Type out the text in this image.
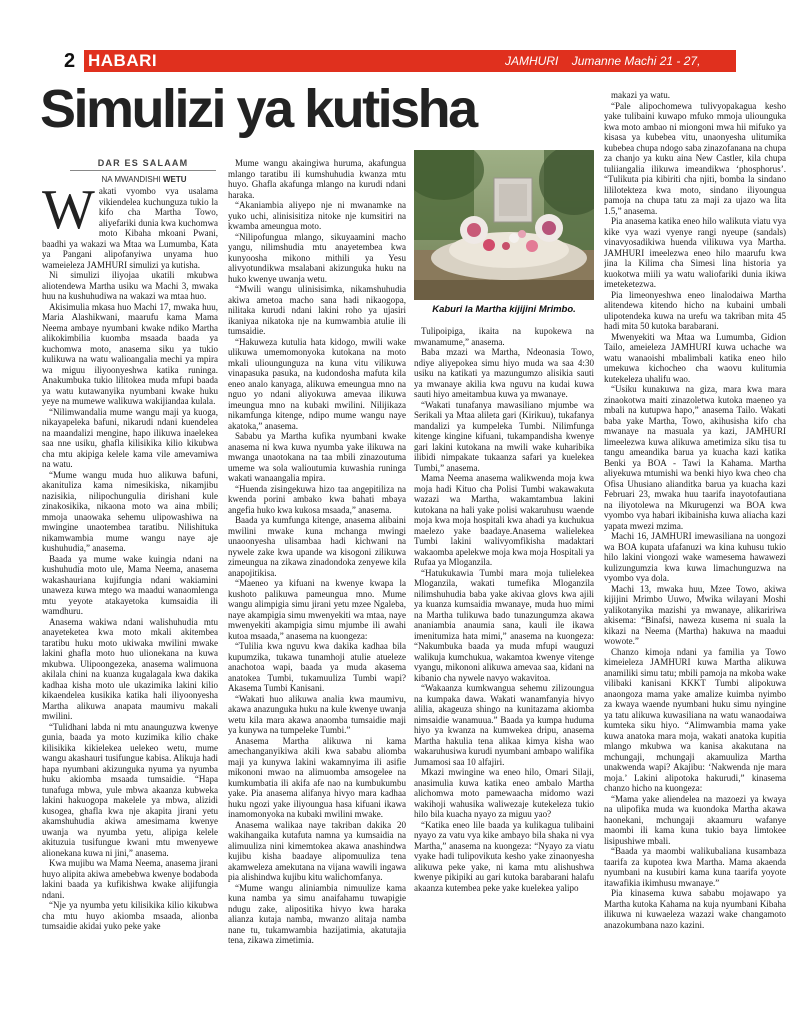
2 HABARI	JAMHURI Jumanne Machi 21 - 27, 2023
Simulizi ya kutisha
DAR ES SALAAM
NA MWANDISHI WETU
W akati vyombo vya usalama vikiendelea kuchunguza tukio la kifo cha Martha Towo, aliyefariki dunia kwa kuchomwa moto Kibaha mkoani Pwani, baadhi ya wakazi wa Mtaa wa Lumumba, Kata ya Pangani alipofanyiwa unyama huo wameieleza JAMHURI simulizi ya kutisha.

Ni simulizi iliyojaa ukatili mkubwa aliotendewa Martha usiku wa Machi 3, mwaka huu na kushuhudiwa na wakazi wa mtaa huo.

Akisimulia mkasa huo Machi 17, mwaka huu, Maria Alashikwani, maarufu kama Mama Neema ambaye nyumbani kwake ndiko Martha alikokimbilia kuomba msaada baada ya kuchomwa moto, anasema siku ya tukio kulikuwa na watu walioangalia mechi ya mpira wa miguu iliyoonyeshwa katika runinga. Anakumbuka tukio lilitokea muda mfupi baada ya watu kutawanyika nyumbani kwake huku yeye na mumewe walikuwa wakijiandaa kulala.

“Nilimwandalia mume wangu maji ya kuoga, nikayapeleka bafuni, nikarudi ndani kuendelea na maandalizi mengine, hapo ilikuwa inaelekea saa nne usiku, ghafla kilisikika kilio kikubwa cha mtu akipiga kelele kama vile amevamiwa na watu.

“Mume wangu muda huo alikuwa bafuni, akanituliza kama nimesikiska, nikamjibu nazisikia, nilipochungulia dirishani kule zinakosikika, nikaona moto wa aina mbili; mmoja unaowaka sehemu ulipowashiwa na mwingine unaotembea taratibu. Nilishituka nikamwambia mume wangu naye aje kushuhudia,” anasema.

Baada ya mume wake kuingia ndani na kushuhudia moto ule, Mama Neema, anasema wakashauriana kujifungia ndani wakiamini unaweza kuwa mtego wa maadui wanaomlenga mtu yeyote atakayetoka kumsaidia ili wamdhuru.

Anasema wakiwa ndani walishuhudia mtu anayeteketea kwa moto mkali akitembea taratibu huku moto ukiwaka mwilini mwake lakini ghafla moto huo ulionekana na kuwa mkubwa. Ulipoongezeka, anasema walimuona akilala chini na kuanza kugalagala kwa dakika kadhaa kisha moto ule ukazimika lakini kilio kikaendelea kusikika katika hali iliyoonyesha Martha alikuwa anapata maumivu makali mwilini.

“Tulidhani labda ni mtu anaunguzwa kwenye gunia, baada ya moto kuzimika kilio chake kilisikika kikielekea uelekeo wetu, mume wangu akashauri tusifungue kabisa. Alikuja hadi hapa nyumbani akizunguka nyuma ya nyumba huku akiomba msaada tumsaidie. “Hapa tunafuga mbwa, yule mbwa akaanza kubweka lakini hakuogopa makelele ya mbwa, alizidi kusogea, ghafla kwa nje akapita jirani yetu akamshuhudia akiwa amesimama kwenye uwanja wa nyumba yetu, alipiga kelele akituzuia tusifungue kwani mtu mwenyewe alionekana kuwa ni jini,” anasema.

Kwa mujibu wa Mama Neema, anasema jirani huyo alipita akiwa amebebwa kwenye bodaboda lakini baada ya kufikishwa kwake alijifungia ndani.

“Nje ya nyumba yetu kilisikika kilio kikubwa cha mtu huyo akiomba msaada, alionba tumsaidie akidai yuko peke yake

Mume wangu akaingiwa huruma, akafungua mlango taratibu ili kumshuhudia kwanza mtu huyo. Ghafla akafunga mlango na kurudi ndani haraka.

“Akaniambia aliyepo nje ni mwanamke na yuko uchi, alinisisitiza nitoke nje kumsitiri na kwamba ameungua moto.

“Nilipofungua mlango, sikuyaamini macho yangu, nilimshudia mtu anayetembea kwa kunyoosha mikono mithili ya Yesu alivyotundikwa msalabani akizunguka huku na huko kwenye uwanja wetu.

“Mwili wangu ulinisisimka, nikamshuhudia akiwa ametoa macho sana hadi nikaogopa, nilitaka kurudi ndani lakini roho ya ujasiri ikaniyaa nikatoka nje na kumwambia atulie ili tumsaidie.

“Hakuweza kutulia hata kidogo, mwili wake ulikuwa umemomonyoka kutokana na moto mkali ulioungunguza na kuna vitu vilikuwa vinapasuka pasuka, na kudondosha mafuta kila eneo analo kanyaga, alikuwa emeungua mno na nguo yo ndani aliyokuwa amevaa ilikuwa imeungua mno na kubaki mwilini. Nilijikaza nikamfunga kitenge, ndipo mume wangu naye akatoka,” anasema.

Sababu ya Martha kufika nyumbani kwake anasema ni kwa kuwa nyumba yake ilikuwa na mwanga unaotokana na taa mbili zinazoutuma umeme wa sola walioutumia kuwashia runinga wakati wanaangalia mpira.

“Huenda zisingekuwa hizo taa angepitiliza na kwenda porini ambako kwa bahati mbaya angefia huko kwa kukosa msaada,” anasema.

Baada ya kumfunga kitenge, anasema alibaini mwilini mwake kuna mchanga mwingi unaoonyesha ulisambaa hadi kichwani na nywele zake kwa upande wa kisogoni zilikuwa zimeungua na zikawa zinadondoka zenyewe kila anapojitikisa.

“Maeneo ya kifuani na kwenye kwapa la kushoto palikuwa pameungua mno. Mume wangu alimpigia simu jirani yetu mzee Ngaleba, naye akampigia simu mwenyekiti wa mtaa, naye mwenyekiti akampigia simu mjumbe ili awahi kutoa msaada,” anasema na kuongeza:

“Tulilia kwa nguvu kwa dakika kadhaa bila kupumzika, tukawa tunamhoji atulie atueleze anachotoa wapi, baada ya muda akasema anatokea Tumbi, tukamuuliza Tumbi wapi? Akasema Tumbi Kanisani.

“Wakati huo alikuwa analia kwa maumivu, akawa anazunguka huku na kule kwenye uwanja wetu kila mara akawa anaomba tumsaidie maji ya kunywa na tumpeleke Tumbi.”

Anasema Martha alikuwa ni kama amechanganyikiwa akili kwa sababu aliomba maji ya kunywa lakini wakamnyima ili asifie mikononi mwao na alimuomba amsogelee na kumkumbatia ili akifa afe nao na kumbukumbu yake. Pia anasema alifanya hivyo mara kadhaa huku ngozi yake iliyoungua hasa kifuani ikawa inamomonyoka na kubaki mwilini mwake.

Anasema walikaa naye takriban dakika 20 wakihangaika kutafuta namna ya kumsaidia na alimuuliza nini kimemtokea akawa anashindwa kujibu kisha baadaye alipomuuliza tena akamweleza amekutana na vijana wawili ingawa pia alishindwa kujibu kitu walichomfanya.

“Mume wangu aliniambia nimuulize kama kuna namba ya simu anaifahamu tuwapigie ndugu zake, alipositika hivyo kwa haraka alianza kutaja namba, mwanzo alitaja namba nane tu, tukamwambia hazijatimia, akatutajia tena, zikawa zimetimia.

Kaburi la Martha kijijini Mrimbo.

Tulipoipiga, ikaita na kupokewa na mwanamume,” anasema.

Baba mzazi wa Martha, Ndeonasia Towo, ndiye aliyepokea simu hiyo muda wa saa 4:30 usiku na katikati ya mazungumzo alisikia sauti ya mwanaye akilia kwa nguvu na kudai kuwa sauti hiyo ameitambua kuwa ya mwanaye.

“Wakati tunafanya mawasiliano mjumbe wa Serikali ya Mtaa alileta gari (Kirikuu), tukafanya mandalizi ya kumpeleka Tumbi. Nilimfunga kitenge kingine kifuani, tukampandisha kwenye gari lakini kutokana na mwili wake kuharibika ilibidi nimpakate tukaanza safari ya kuelekea Tumbi,” anasema.

Mama Neema anasema walikwenda moja kwa moja hadi Kituo cha Polisi Tumbi wakawakuta wazazi wa Martha, wakamtambua lakini kutokana na hali yake polisi wakaruhusu waende moja kwa moja hospitali kwa ahadi ya kuchukua maelezo yake baadaye.Anasema walielekea Tumbi lakini walivyomfikisha madaktari wakaomba apelekwe moja kwa moja Hospitali ya Rufaa ya Mloganzila.

“Hatukukawia Tumbi mara moja tulielekea Mloganzila, wakati tumefika Mloganzila nilimshuhudia baba yake akivaa glovs kwa ajili ya kuanza kumsaidia mwanaye, muda huo mimi na Martha tulikuwa bado tunazungumza akawa ananiambia anaumia sana, kauli ile ikawa imenitumiza hata mimi,” anasema na kuongeza: “Nakumbuka baada ya muda mfupi wauguzi walikuja kumchukua, wakamtoa kwenye vitenge vyangu, mikononi alikuwa amevaa saa, kidani na kibanio cha nywele navyo wakavitoa.

“Wakaanza kumkwangua sehemu zilizoungua na kumpaka dawa. Wakati wanamfanyia hivyo alilia, akageuza shingo na kunitazama akiomba nimsaidie wanamuua.” Baada ya kumpa huduma hiyo ya kwanza na kumwekea dripu, anasema Martha hakulia tena alikaa kimya kisha wao wakaruhusiwa kurudi nyumbani ambapo walifika Jumamosi saa 10 alfajiri.

Mkazi mwingine wa eneo hilo, Omari Silaji, anasimulia kuwa katika eneo ambalo Martha alichomwa moto pamewaacha midomo wazi wakihoji wahusika waliwezaje kutekeleza tukio hilo bila kuacha nyayo za miguu yao?

“Katika eneo lile baada ya kulikagua tulibaini nyayo za vatu vya kike ambayo bila shaka ni vya Martha,” anasema na kuongeza: “Nyayo za viatu vyake hadi tulipovikuta kesho yake zinaonyesha alikuwa peke yake, ni kama mtu alishushwa kwenye pikipiki au gari kutoka barabarani halafu akaanza kutembea peke yake kuelekea yalipo

makazi ya watu.

“Pale alipochomewa tulivyopakagua kesho yake tulibaini kuwapo mfuko mmoja uliounguka kwa moto ambao ni miongoni mwa hii mifuko ya kisasa ya kubebea vitu, unaonyesha ulitumika kubebea chupa ndogo saba zinazofanana na chupa za chanjo ya kuku aina New Castler, kila chupa tuliiangalia ilikuwa imeandikwa ‘phosphorus’. “Tulikuta pia kibiriti cha njiti, bomba la sindano lililotekteza kwa moto, sindano iliyoungua pamoja na chupa tatu za maji za ujazo wa lita 1.5,” anasema.

Pia anasema katika eneo hilo walikuta viatu vya kike vya wazi vyenye rangi nyeupe (sandals) vinavyosadikiwa huenda vilikuwa vya Martha. JAMHURI imeelezwa eneo hilo maarufu kwa jina la Kilima cha Simesi lina historia ya kuokotwa miili ya watu waliofariki dunia ikiwa imeteketezwa.

Pia limeonyeshwa eneo linalodaiwa Martha alitendewa kitendo hicho na kubaini umbali ulipotendeka kuwa na urefu wa takriban mita 45 hadi mita 50 kutoka barabarani.

Mwenyekiti wa Mtaa wa Lumumba, Gidion Tailo, ameieleza JAMHURI kuwa uchache wa watu wanaoishi mbalimbali katika eneo hilo umekuwa kichocheo cha waovu kulitumia kutekeleza uhalifu wao.

“Usiku kunakuwa na giza, mara kwa mara zinaokotwa maiti zinazoletwa kutoka maeneo ya mbali na kutupwa hapo,” anasema Tailo. Wakati baba yake Martha, Towo, akihusisha kifo cha mwanaye na masuala ya kazi, JAMHURI limeelezwa kuwa alikuwa ametimiza siku tisa tu tangu ameandika barua ya kuacha kazi katika Benki ya BOA - Tawi la Kahama. Martha aliyekuwa mtumishi wa benki hiyo kwa cheo cha Ofisa Uhusiano alianditka barua ya kuacha kazi Februari 23, mwaka huu taarifa inayotofautiana na iliyotolewa na Mkurugenzi wa BOA kwa vyombo vya habari ikibainisha kuwa aliacha kazi yapata mwezi mzima.

Machi 16, JAMHURI imewasiliana na uongozi wa BOA kupata ufafanuzi wa kina kuhusu tukio hilo lakini viongozi wake wamesema hawawezi kulizungumzia kwa kuwa limachunguzwa na vyombo vya dola.

Machi 13, mwaka huu, Mzee Towo, akiwa kijijini Mrimbo Uuwo, Mwika wilayani Moshi yalikotanyika mazishi ya mwanaye, alikaririwa akisema: “Binafsi, naweza kusema ni suala la kikazi na Neema (Martha) hakuwa na maadui wowote.”

Chanzo kimoja ndani ya familia ya Towo kimeieleza JAMHURI kuwa Martha alikuwa anamiliki simu tatu; mbili pamoja na mkoba wake vilibaki kanisani KKKT Tumbi alipokuwa anaongoza mama yake amalize kuimba nyimbo za kwaya waende nyumbani huku simu nyingine ya tatu alikuwa kuwasiliana na watu wanaodaiwa kumteka siku hiyo. “Alimwambia mama yake kuwa anatoka mara moja, wakati anatoka kupitia mlango mkubwa wa kanisa akakutana na mchungaji, mchungaji akamuuliza Martha unakwenda wapi? Akajibu: ‘Nakwenda nje mara moja.’ Lakini alipotoka hakurudi,” kinasema chanzo hicho na kuongeza:

“Mama yake aliendelea na mazoezi ya kwaya na ulipofika muda wa kuondoka Martha akawa haonekani, mchungaji akaamuru wafanye maombi ili kama kuna tukio baya limtokee lisipushiwe mbali.

“Baada ya maombi walikubaliana kusambaza taarifa za kupotea kwa Martha. Mama akaenda nyumbani na kusubiri kama kuna taarifa yoyote itawafikia ikimhusu mwanaye.”

Pia kinasema kuwa sababu mojawapo ya Martha kutoka Kahama na kuja nyumbani Kibaha ilikuwa ni kuwaeleza wazazi wake changamoto anazokumbana nazo kazini.
